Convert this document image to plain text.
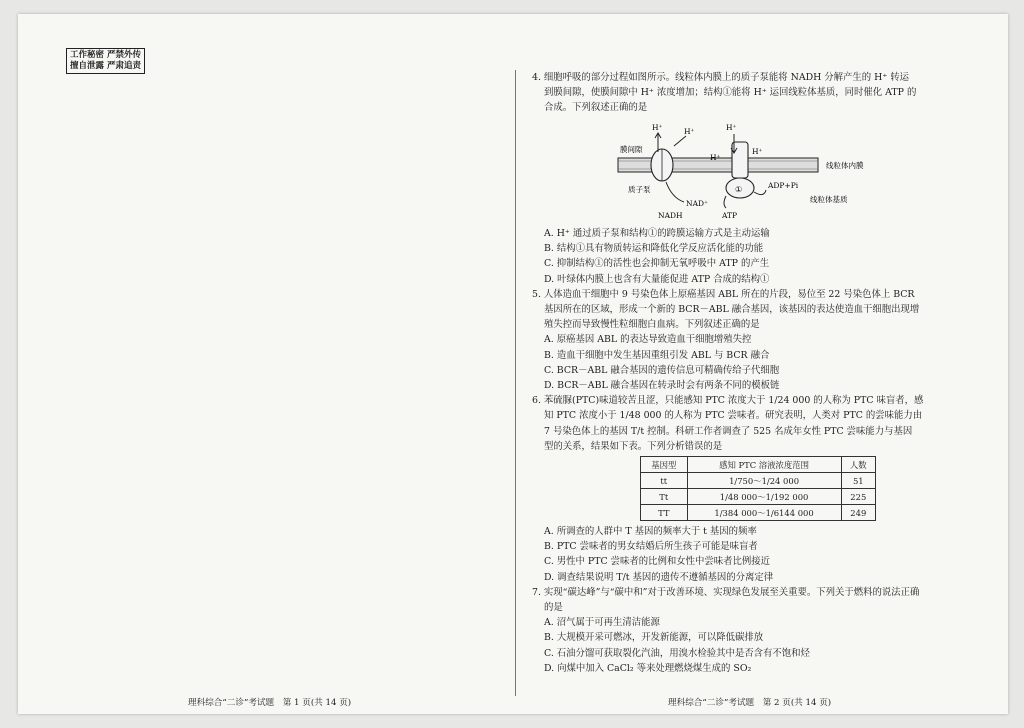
工作秘密 严禁外传
擅自泄露 严肃追责

理科综合“二诊”考试题　第 1 页(共 14 页)
4. 细胞呼吸的部分过程如图所示。线粒体内膜上的质子泵能将 NADH 分解产生的 H⁺ 转运
到膜间隙，使膜间隙中 H⁺ 浓度增加；结构①能将 H⁺ 运回线粒体基质，同时催化 ATP 的
合成。下列叙述正确的是
膜间隙
H⁺	H⁺	H⁺
H⁺
H⁺
①
质子泵
NAD⁺
NADH
ADP+Pi
ATP
线粒体内膜
线粒体基质
A. H⁺ 通过质子泵和结构①的跨膜运输方式是主动运输
B. 结构①具有物质转运和降低化学反应活化能的功能
C. 抑制结构①的活性也会抑制无氧呼吸中 ATP 的产生
D. 叶绿体内膜上也含有大量能促进 ATP 合成的结构①
5. 人体造血干细胞中 9 号染色体上原癌基因 ABL 所在的片段，易位至 22 号染色体上 BCR
基因所在的区域，形成一个新的 BCR－ABL 融合基因，该基因的表达使造血干细胞出现增
殖失控而导致慢性粒细胞白血病。下列叙述正确的是
A. 原癌基因 ABL 的表达导致造血干细胞增殖失控
B. 造血干细胞中发生基因重组引发 ABL 与 BCR 融合
C. BCR－ABL 融合基因的遗传信息可精确传给子代细胞
D. BCR－ABL 融合基因在转录时会有两条不同的模板链
6. 苯硫脲(PTC)味道较苦且涩，只能感知 PTC 浓度大于 1/24 000 的人称为 PTC 味盲者，感
知 PTC 浓度小于 1/48 000 的人称为 PTC 尝味者。研究表明，人类对 PTC 的尝味能力由
7 号染色体上的基因 T/t 控制。科研工作者调查了 525 名成年女性 PTC 尝味能力与基因
型的关系，结果如下表。下列分析错误的是
基因型	感知 PTC 溶液浓度范围	人数
tt	1/750～1/24 000	51
Tt	1/48 000～1/192 000	225
TT	1/384 000～1/6144 000	249
A. 所调查的人群中 T 基因的频率大于 t 基因的频率
B. PTC 尝味者的男女结婚后所生孩子可能是味盲者
C. 男性中 PTC 尝味者的比例和女性中尝味者比例接近
D. 调查结果说明 T/t 基因的遗传不遵循基因的分离定律
7. 实现“碳达峰”与“碳中和”对于改善环境、实现绿色发展至关重要。下列关于燃料的说法正确
的是
A. 沼气属于可再生清洁能源
B. 大规模开采可燃冰，开发新能源，可以降低碳排放
C. 石油分馏可获取裂化汽油，用溴水检验其中是否含有不饱和烃
D. 向煤中加入 CaCl₂ 等来处理燃烧煤生成的 SO₂
理科综合“二诊”考试题　第 2 页(共 14 页)
